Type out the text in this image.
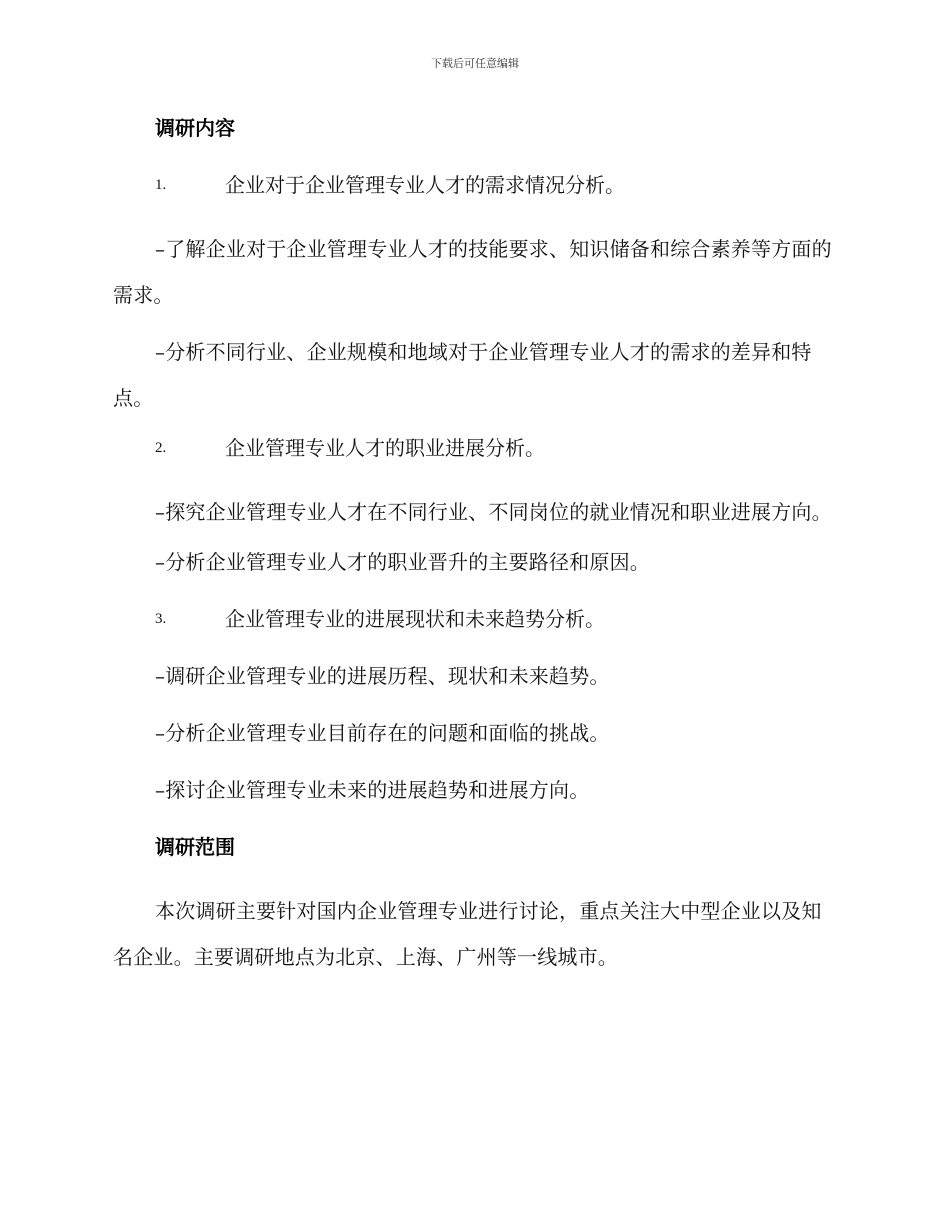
下载后可任意编辑
调研内容
1.	企业对于企业管理专业人才的需求情况分析。

–了解企业对于企业管理专业人才的技能要求、知识储备和综合素养等方面的需求。

–分析不同行业、企业规模和地域对于企业管理专业人才的需求的差异和特点。

2.	企业管理专业人才的职业进展分析。

–探究企业管理专业人才在不同行业、不同岗位的就业情况和职业进展方向。

–分析企业管理专业人才的职业晋升的主要路径和原因。

3.	企业管理专业的进展现状和未来趋势分析。

–调研企业管理专业的进展历程、现状和未来趋势。

–分析企业管理专业目前存在的问题和面临的挑战。

–探讨企业管理专业未来的进展趋势和进展方向。

调研范围

本次调研主要针对国内企业管理专业进行讨论，重点关注大中型企业以及知名企业。主要调研地点为北京、上海、广州等一线城市。
